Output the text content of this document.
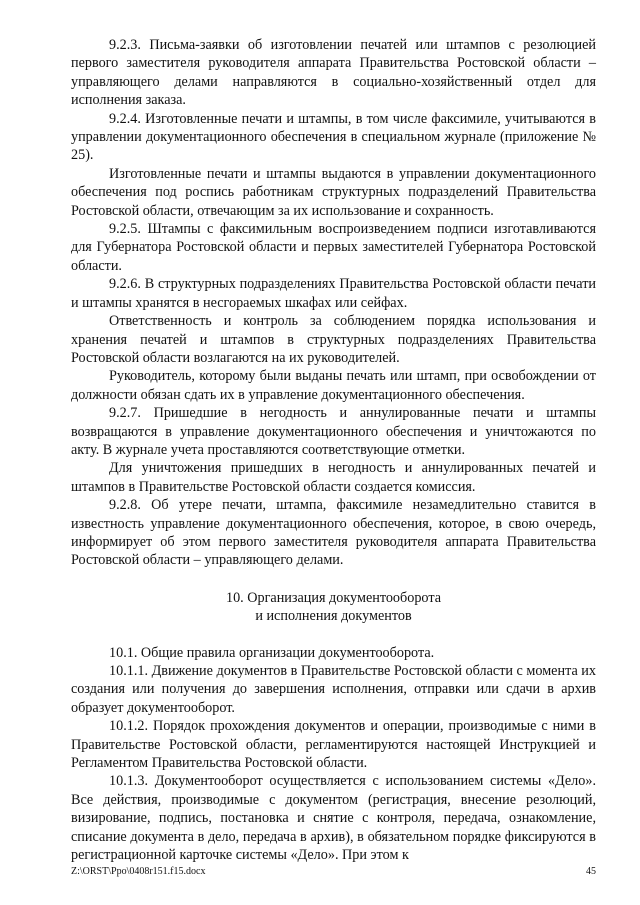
9.2.3. Письма-заявки об изготовлении печатей или штампов с резолюцией первого заместителя руководителя аппарата Правительства Ростовской области – управляющего делами направляются в социально-хозяйственный отдел для исполнения заказа.

9.2.4. Изготовленные печати и штампы, в том числе факсимиле, учитываются в управлении документационного обеспечения в специальном журнале (приложение № 25).

Изготовленные печати и штампы выдаются в управлении документационного обеспечения под роспись работникам структурных подразделений Правительства Ростовской области, отвечающим за их использование и сохранность.

9.2.5. Штампы с факсимильным воспроизведением подписи изготавливаются для Губернатора Ростовской области и первых заместителей Губернатора Ростовской области.

9.2.6. В структурных подразделениях Правительства Ростовской области печати и штампы хранятся в несгораемых шкафах или сейфах.

Ответственность и контроль за соблюдением порядка использования и хранения печатей и штампов в структурных подразделениях Правительства Ростовской области возлагаются на их руководителей.

Руководитель, которому были выданы печать или штамп, при освобождении от должности обязан сдать их в управление документационного обеспечения.

9.2.7. Пришедшие в негодность и аннулированные печати и штампы возвращаются в управление документационного обеспечения и уничтожаются по акту. В журнале учета проставляются соответствующие отметки.

Для уничтожения пришедших в негодность и аннулированных печатей и штампов в Правительстве Ростовской области создается комиссия.

9.2.8. Об утере печати, штампа, факсимиле незамедлительно ставится в известность управление документационного обеспечения, которое, в свою очередь, информирует об этом первого заместителя руководителя аппарата Правительства Ростовской области – управляющего делами.

10. Организация документооборота
и исполнения документов

10.1. Общие правила организации документооборота.

10.1.1. Движение документов в Правительстве Ростовской области с момента их создания или получения до завершения исполнения, отправки или сдачи в архив образует документооборот.

10.1.2. Порядок прохождения документов и операции, производимые с ними в Правительстве Ростовской области, регламентируются настоящей Инструкцией и Регламентом Правительства Ростовской области.

10.1.3. Документооборот осуществляется с использованием системы «Дело». Все действия, производимые с документом (регистрация, внесение резолюций, визирование, подпись, постановка и снятие с контроля, передача, ознакомление, списание документа в дело, передача в архив), в обязательном порядке фиксируются в регистрационной карточке системы «Дело». При этом к

Z:\ORST\Ppo\0408r151.f15.docx	45
